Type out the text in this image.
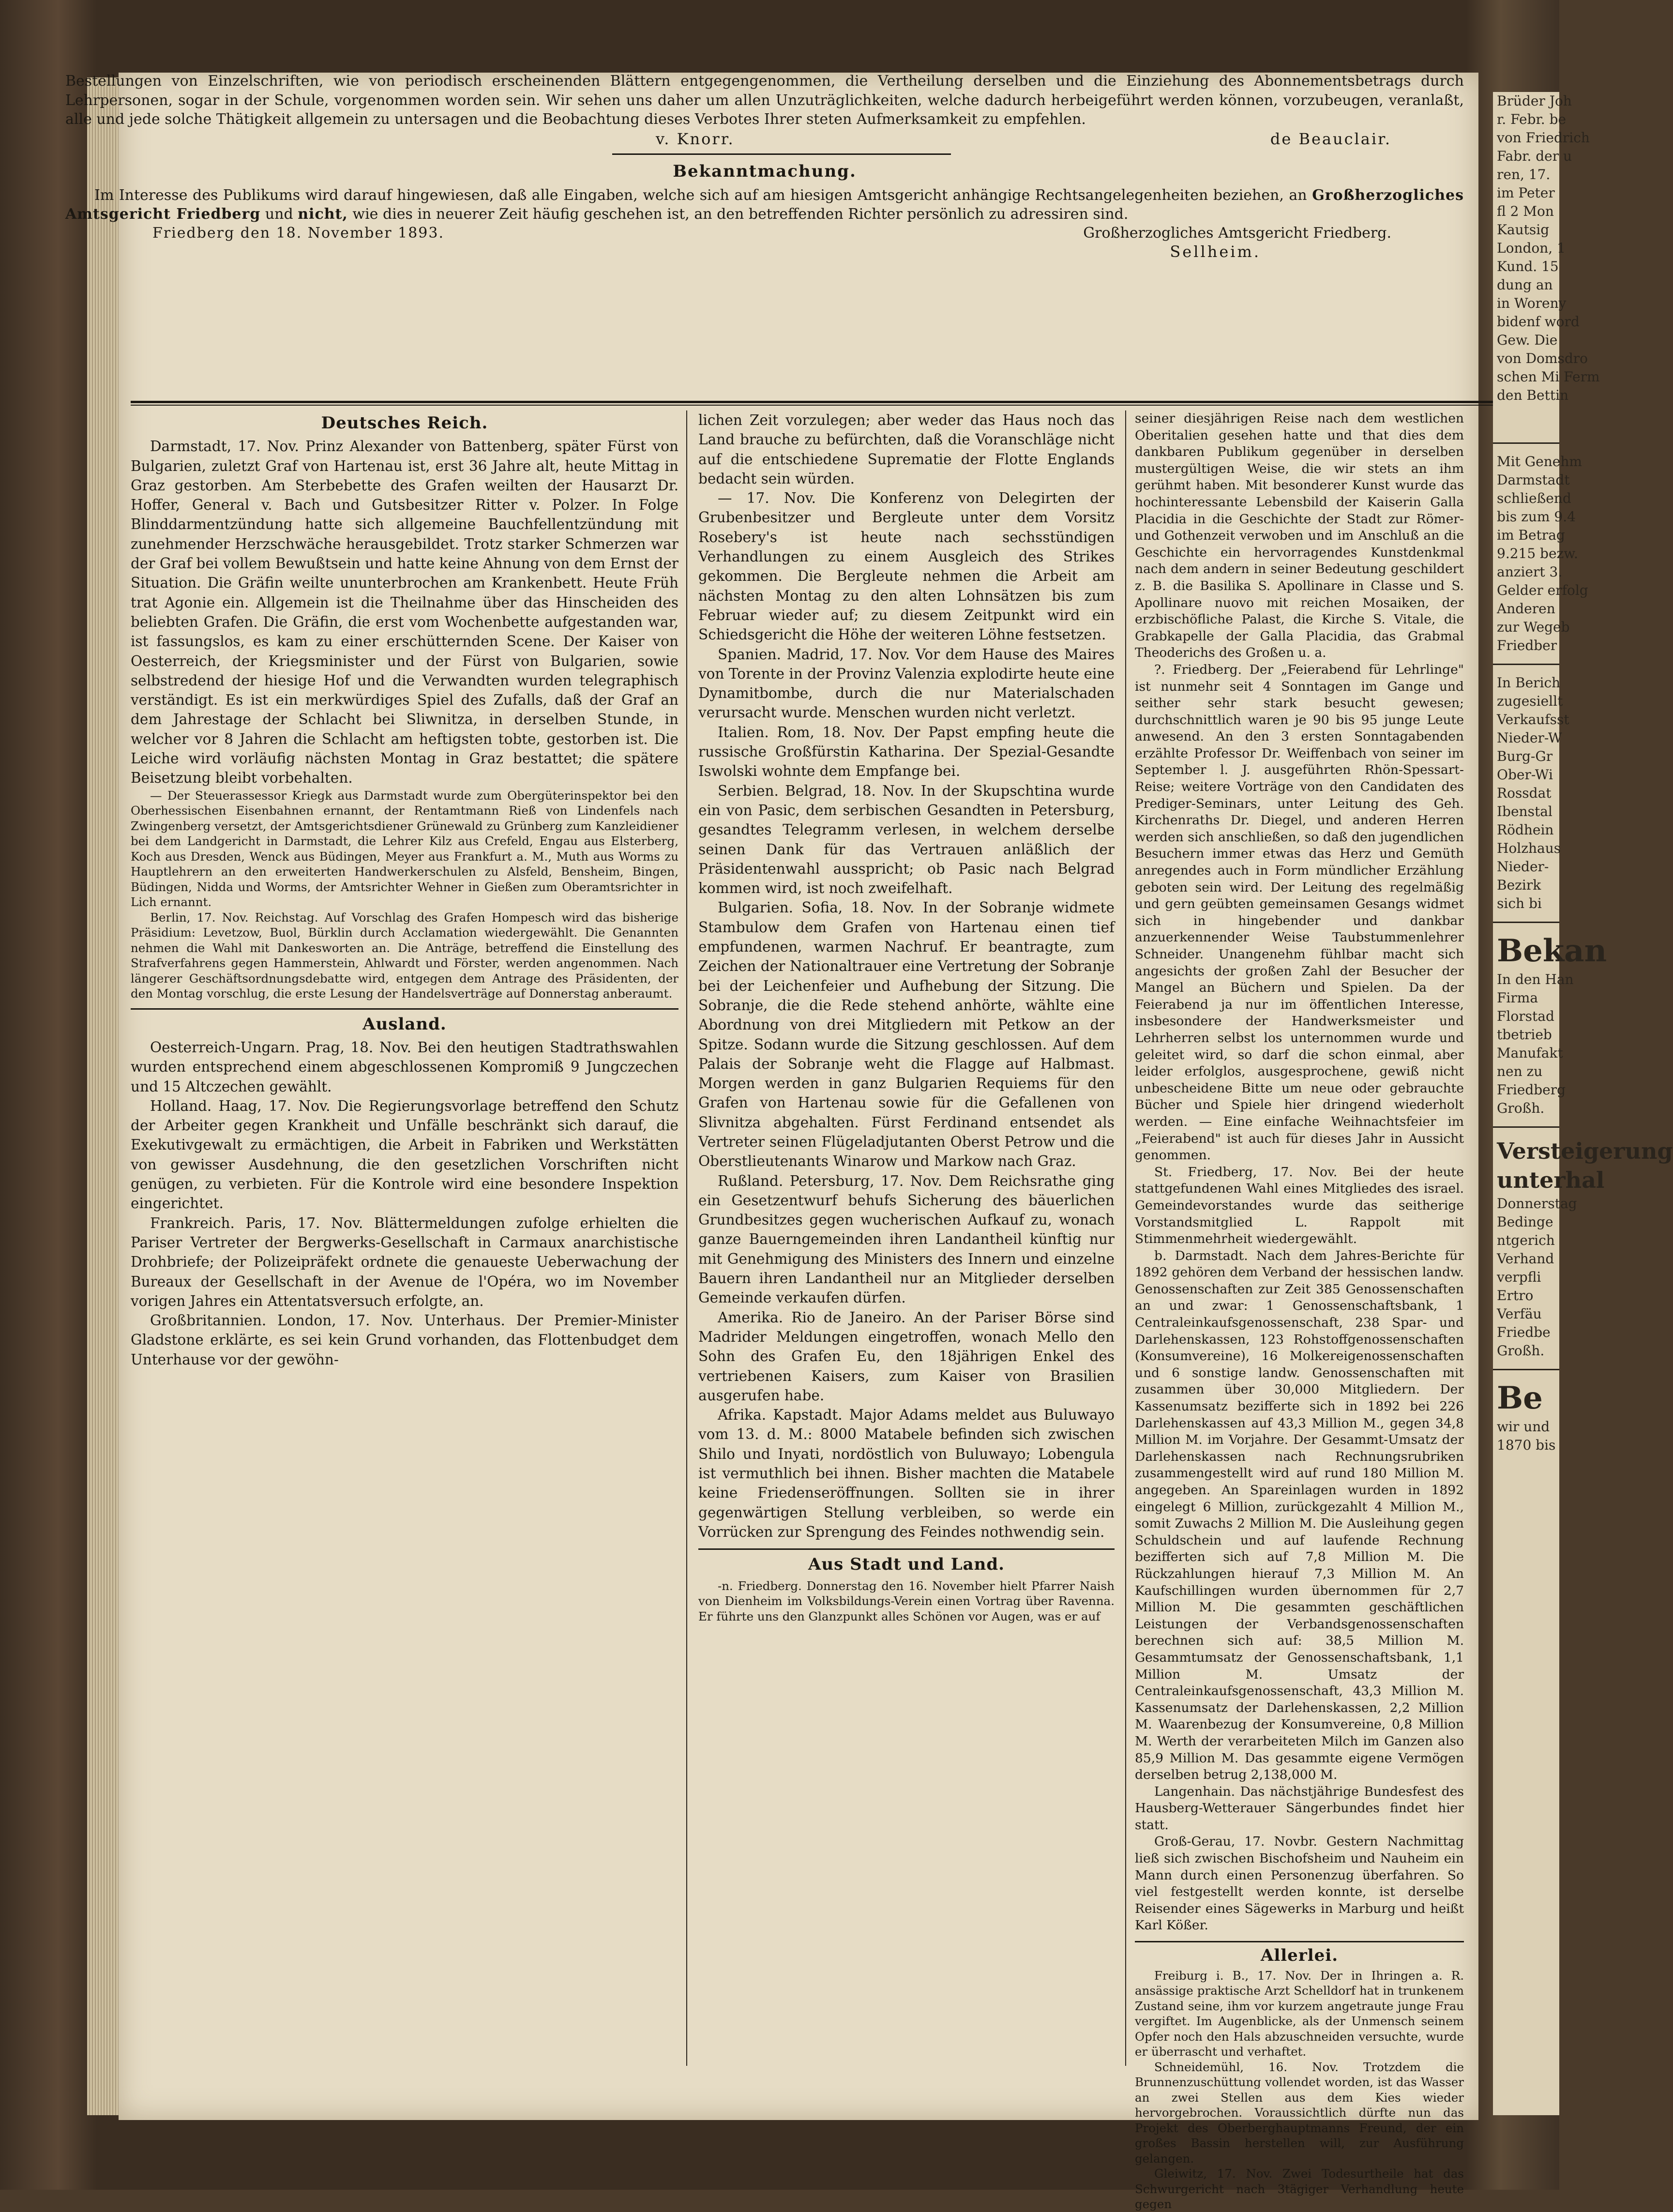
Bestellungen von Einzelschriften, wie von periodisch erscheinenden Blättern entgegengenommen, die Vertheilung derselben und die Einziehung des Abonnementsbetrags durch Lehrpersonen, sogar in der Schule, vorgenommen worden sein. Wir sehen uns daher um allen Unzuträglichkeiten, welche dadurch herbeigeführt werden können, vorzubeugen, veranlaßt, alle und jede solche Thätigkeit allgemein zu untersagen und die Beobachtung dieses Verbotes Ihrer steten Aufmerksamkeit zu empfehlen.

v. Knorr.	de Beauclair.
Bekanntmachung.

Im Interesse des Publikums wird darauf hingewiesen, daß alle Eingaben, welche sich auf am hiesigen Amtsgericht anhängige Rechtsangelegenheiten beziehen, an Großherzogliches Amtsgericht Friedberg und nicht, wie dies in neuerer Zeit häufig geschehen ist, an den betreffenden Richter persönlich zu adressiren sind.

Friedberg den 18. November 1893.	Großherzogliches Amtsgericht Friedberg.
Sellheim.
Deutsches Reich.

Darmstadt, 17. Nov. Prinz Alexander von Battenberg, später Fürst von Bulgarien, zuletzt Graf von Hartenau ist, erst 36 Jahre alt, heute Mittag in Graz gestorben. Am Sterbebette des Grafen weilten der Hausarzt Dr. Hoffer, General v. Bach und Gutsbesitzer Ritter v. Polzer. In Folge Blinddarmentzündung hatte sich allgemeine Bauchfellentzündung mit zunehmender Herzschwäche herausgebildet. Trotz starker Schmerzen war der Graf bei vollem Bewußtsein und hatte keine Ahnung von dem Ernst der Situation. Die Gräfin weilte ununterbrochen am Krankenbett. Heute Früh trat Agonie ein. Allgemein ist die Theilnahme über das Hinscheiden des beliebten Grafen. Die Gräfin, die erst vom Wochenbette aufgestanden war, ist fassungslos, es kam zu einer erschütternden Scene. Der Kaiser von Oesterreich, der Kriegsminister und der Fürst von Bulgarien, sowie selbstredend der hiesige Hof und die Verwandten wurden telegraphisch verständigt. Es ist ein merkwürdiges Spiel des Zufalls, daß der Graf an dem Jahrestage der Schlacht bei Sliwnitza, in derselben Stunde, in welcher vor 8 Jahren die Schlacht am heftigsten tobte, gestorben ist. Die Leiche wird vorläufig nächsten Montag in Graz bestattet; die spätere Beisetzung bleibt vorbehalten.

— Der Steuerassessor Kriegk aus Darmstadt wurde zum Obergüterinspektor bei den Oberhessischen Eisenbahnen ernannt, der Rentamtmann Rieß von Lindenfels nach Zwingenberg versetzt, der Amtsgerichtsdiener Grünewald zu Grünberg zum Kanzleidiener bei dem Landgericht in Darmstadt, die Lehrer Kilz aus Crefeld, Engau aus Elsterberg, Koch aus Dresden, Wenck aus Büdingen, Meyer aus Frankfurt a. M., Muth aus Worms zu Hauptlehrern an den erweiterten Handwerkerschulen zu Alsfeld, Bensheim, Bingen, Büdingen, Nidda und Worms, der Amtsrichter Wehner in Gießen zum Oberamtsrichter in Lich ernannt.

Berlin, 17. Nov. Reichstag. Auf Vorschlag des Grafen Hompesch wird das bisherige Präsidium: Levetzow, Buol, Bürklin durch Acclamation wiedergewählt. Die Genannten nehmen die Wahl mit Dankesworten an. Die Anträge, betreffend die Einstellung des Strafverfahrens gegen Hammerstein, Ahlwardt und Förster, werden angenommen. Nach längerer Geschäftsordnungsdebatte wird, entgegen dem Antrage des Präsidenten, der den Montag vorschlug, die erste Lesung der Handelsverträge auf Donnerstag anberaumt.

Ausland.

Oesterreich-Ungarn. Prag, 18. Nov. Bei den heutigen Stadtrathswahlen wurden entsprechend einem abgeschlossenen Kompromiß 9 Jungczechen und 15 Altczechen gewählt.

Holland. Haag, 17. Nov. Die Regierungsvorlage betreffend den Schutz der Arbeiter gegen Krankheit und Unfälle beschränkt sich darauf, die Exekutivgewalt zu ermächtigen, die Arbeit in Fabriken und Werkstätten von gewisser Ausdehnung, die den gesetzlichen Vorschriften nicht genügen, zu verbieten. Für die Kontrole wird eine besondere Inspektion eingerichtet.

Frankreich. Paris, 17. Nov. Blättermeldungen zufolge erhielten die Pariser Vertreter der Bergwerks-Gesellschaft in Carmaux anarchistische Drohbriefe; der Polizeipräfekt ordnete die genaueste Ueberwachung der Bureaux der Gesellschaft in der Avenue de l'Opéra, wo im November vorigen Jahres ein Attentatsversuch erfolgte, an.

Großbritannien. London, 17. Nov. Unterhaus. Der Premier-Minister Gladstone erklärte, es sei kein Grund vorhanden, das Flottenbudget dem Unterhause vor der gewöhn-

lichen Zeit vorzulegen; aber weder das Haus noch das Land brauche zu befürchten, daß die Voranschläge nicht auf die entschiedene Suprematie der Flotte Englands bedacht sein würden.

— 17. Nov. Die Konferenz von Delegirten der Grubenbesitzer und Bergleute unter dem Vorsitz Rosebery's ist heute nach sechsstündigen Verhandlungen zu einem Ausgleich des Strikes gekommen. Die Bergleute nehmen die Arbeit am nächsten Montag zu den alten Lohnsätzen bis zum Februar wieder auf; zu diesem Zeitpunkt wird ein Schiedsgericht die Höhe der weiteren Löhne festsetzen.

Spanien. Madrid, 17. Nov. Vor dem Hause des Maires von Torente in der Provinz Valenzia explodirte heute eine Dynamitbombe, durch die nur Materialschaden verursacht wurde. Menschen wurden nicht verletzt.

Italien. Rom, 18. Nov. Der Papst empfing heute die russische Großfürstin Katharina. Der Spezial-Gesandte Iswolski wohnte dem Empfange bei.

Serbien. Belgrad, 18. Nov. In der Skupschtina wurde ein von Pasic, dem serbischen Gesandten in Petersburg, gesandtes Telegramm verlesen, in welchem derselbe seinen Dank für das Vertrauen anläßlich der Präsidentenwahl ausspricht; ob Pasic nach Belgrad kommen wird, ist noch zweifelhaft.

Bulgarien. Sofia, 18. Nov. In der Sobranje widmete Stambulow dem Grafen von Hartenau einen tief empfundenen, warmen Nachruf. Er beantragte, zum Zeichen der Nationaltrauer eine Vertretung der Sobranje bei der Leichenfeier und Aufhebung der Sitzung. Die Sobranje, die die Rede stehend anhörte, wählte eine Abordnung von drei Mitgliedern mit Petkow an der Spitze. Sodann wurde die Sitzung geschlossen. Auf dem Palais der Sobranje weht die Flagge auf Halbmast. Morgen werden in ganz Bulgarien Requiems für den Grafen von Hartenau sowie für die Gefallenen von Slivnitza abgehalten. Fürst Ferdinand entsendet als Vertreter seinen Flügeladjutanten Oberst Petrow und die Oberstlieutenants Winarow und Markow nach Graz.

Rußland. Petersburg, 17. Nov. Dem Reichsrathe ging ein Gesetzentwurf behufs Sicherung des bäuerlichen Grundbesitzes gegen wucherischen Aufkauf zu, wonach ganze Bauerngemeinden ihren Landantheil künftig nur mit Genehmigung des Ministers des Innern und einzelne Bauern ihren Landantheil nur an Mitglieder derselben Gemeinde verkaufen dürfen.

Amerika. Rio de Janeiro. An der Pariser Börse sind Madrider Meldungen eingetroffen, wonach Mello den Sohn des Grafen Eu, den 18jährigen Enkel des vertriebenen Kaisers, zum Kaiser von Brasilien ausgerufen habe.

Afrika. Kapstadt. Major Adams meldet aus Buluwayo vom 13. d. M.: 8000 Matabele befinden sich zwischen Shilo und Inyati, nordöstlich von Buluwayo; Lobengula ist vermuthlich bei ihnen. Bisher machten die Matabele keine Friedenseröffnungen. Sollten sie in ihrer gegenwärtigen Stellung verbleiben, so werde ein Vorrücken zur Sprengung des Feindes nothwendig sein.

Aus Stadt und Land.

-n. Friedberg. Donnerstag den 16. November hielt Pfarrer Naish von Dienheim im Volksbildungs-Verein einen Vortrag über Ravenna. Er führte uns den Glanzpunkt alles Schönen vor Augen, was er auf

seiner diesjährigen Reise nach dem westlichen Oberitalien gesehen hatte und that dies dem dankbaren Publikum gegenüber in derselben mustergültigen Weise, die wir stets an ihm gerühmt haben. Mit besonderer Kunst wurde das hochinteressante Lebensbild der Kaiserin Galla Placidia in die Geschichte der Stadt zur Römer- und Gothenzeit verwoben und im Anschluß an die Geschichte ein hervorragendes Kunstdenkmal nach dem andern in seiner Bedeutung geschildert z. B. die Basilika S. Apollinare in Classe und S. Apollinare nuovo mit reichen Mosaiken, der erzbischöfliche Palast, die Kirche S. Vitale, die Grabkapelle der Galla Placidia, das Grabmal Theoderichs des Großen u. a.

?. Friedberg. Der „Feierabend für Lehrlinge" ist nunmehr seit 4 Sonntagen im Gange und seither sehr stark besucht gewesen; durchschnittlich waren je 90 bis 95 junge Leute anwesend. An den 3 ersten Sonntagabenden erzählte Professor Dr. Weiffenbach von seiner im September l. J. ausgeführten Rhön-Spessart-Reise; weitere Vorträge von den Candidaten des Prediger-Seminars, unter Leitung des Geh. Kirchenraths Dr. Diegel, und anderen Herren werden sich anschließen, so daß den jugendlichen Besuchern immer etwas das Herz und Gemüth anregendes auch in Form mündlicher Erzählung geboten sein wird. Der Leitung des regelmäßig und gern geübten gemeinsamen Gesangs widmet sich in hingebender und dankbar anzuerkennender Weise Taubstummenlehrer Schneider. Unangenehm fühlbar macht sich angesichts der großen Zahl der Besucher der Mangel an Büchern und Spielen. Da der Feierabend ja nur im öffentlichen Interesse, insbesondere der Handwerksmeister und Lehrherren selbst los unternommen wurde und geleitet wird, so darf die schon einmal, aber leider erfolglos, ausgesprochene, gewiß nicht unbescheidene Bitte um neue oder gebrauchte Bücher und Spiele hier dringend wiederholt werden. — Eine einfache Weihnachtsfeier im „Feierabend" ist auch für dieses Jahr in Aussicht genommen.

St. Friedberg, 17. Nov. Bei der heute stattgefundenen Wahl eines Mitgliedes des israel. Gemeindevorstandes wurde das seitherige Vorstandsmitglied L. Rappolt mit Stimmenmehrheit wiedergewählt.

b. Darmstadt. Nach dem Jahres-Berichte für 1892 gehören dem Verband der hessischen landw. Genossenschaften zur Zeit 385 Genossenschaften an und zwar: 1 Genossenschaftsbank, 1 Centraleinkaufsgenossenschaft, 238 Spar- und Darlehenskassen, 123 Rohstoffgenossenschaften (Konsumvereine), 16 Molkereigenossenschaften und 6 sonstige landw. Genossenschaften mit zusammen über 30,000 Mitgliedern. Der Kassenumsatz bezifferte sich in 1892 bei 226 Darlehenskassen auf 43,3 Million M., gegen 34,8 Million M. im Vorjahre. Der Gesammt-Umsatz der Darlehenskassen nach Rechnungsrubriken zusammengestellt wird auf rund 180 Million M. angegeben. An Spareinlagen wurden in 1892 eingelegt 6 Million, zurückgezahlt 4 Million M., somit Zuwachs 2 Million M. Die Ausleihung gegen Schuldschein und auf laufende Rechnung bezifferten sich auf 7,8 Million M. Die Rückzahlungen hierauf 7,3 Million M. An Kaufschillingen wurden übernommen für 2,7 Million M. Die gesammten geschäftlichen Leistungen der Verbandsgenossenschaften berechnen sich auf: 38,5 Million M. Gesammtumsatz der Genossenschaftsbank, 1,1 Million M. Umsatz der Centraleinkaufsgenossenschaft, 43,3 Million M. Kassenumsatz der Darlehenskassen, 2,2 Million M. Waarenbezug der Konsumvereine, 0,8 Million M. Werth der verarbeiteten Milch im Ganzen also 85,9 Million M. Das gesammte eigene Vermögen derselben betrug 2,138,000 M.

Langenhain. Das nächstjährige Bundesfest des Hausberg-Wetterauer Sängerbundes findet hier statt.

Groß-Gerau, 17. Novbr. Gestern Nachmittag ließ sich zwischen Bischofsheim und Nauheim ein Mann durch einen Personenzug überfahren. So viel festgestellt werden konnte, ist derselbe Reisender eines Sägewerks in Marburg und heißt Karl Kößer.

Allerlei.

Freiburg i. B., 17. Nov. Der in Ihringen a. R. ansässige praktische Arzt Schelldorf hat in trunkenem Zustand seine, ihm vor kurzem angetraute junge Frau vergiftet. Im Augenblicke, als der Unmensch seinem Opfer noch den Hals abzuschneiden versuchte, wurde er überrascht und verhaftet.

Schneidemühl, 16. Nov. Trotzdem die Brunnenzuschüttung vollendet worden, ist das Wasser an zwei Stellen aus dem Kies wieder hervorgebrochen. Voraussichtlich dürfte nun das Projekt des Oberberghauptmanns Freund, der ein großes Bassin herstellen will, zur Ausführung gelangen.

Gleiwitz, 17. Nov. Zwei Todesurtheile hat das Schwurgericht nach 3tägiger Verhandlung heute gegen

Brüder Joh
r. Febr. be
von Friedrich
Fabr. der u
ren, 17.
im Peter
fl 2 Mon
Kautsig
London, 1
Kund. 15
dung an
in Woreny
bidenf word
Gew. Die
von Domsdro
schen Mi Ferm
den Bettin
Mit Genehm
Darmstadt
schließend
bis zum 9.4
im Betrag
9.215 bezw.
anziert 3.
Gelder erfolg
Anderen
zur Wegeb
Friedber
In Berich
zugesiellt
Verkaufsst
Nieder-W
Burg-Gr
Ober-Wi
Rossdat
Ibenstal
Rödhein
Holzhaus
Nieder-
Bezirk
sich bi
Bekan
In den Han
Firma
Florstad
tbetrieb
Manufakt
nen zu
Friedberg
Großh.
Versteigerung
unterhal
Donnerstag
Bedinge
ntgerich
Verhand
verpfli
Ertro
Verfäu
Friedbe
Großh.
Be
wir und
1870 bis
